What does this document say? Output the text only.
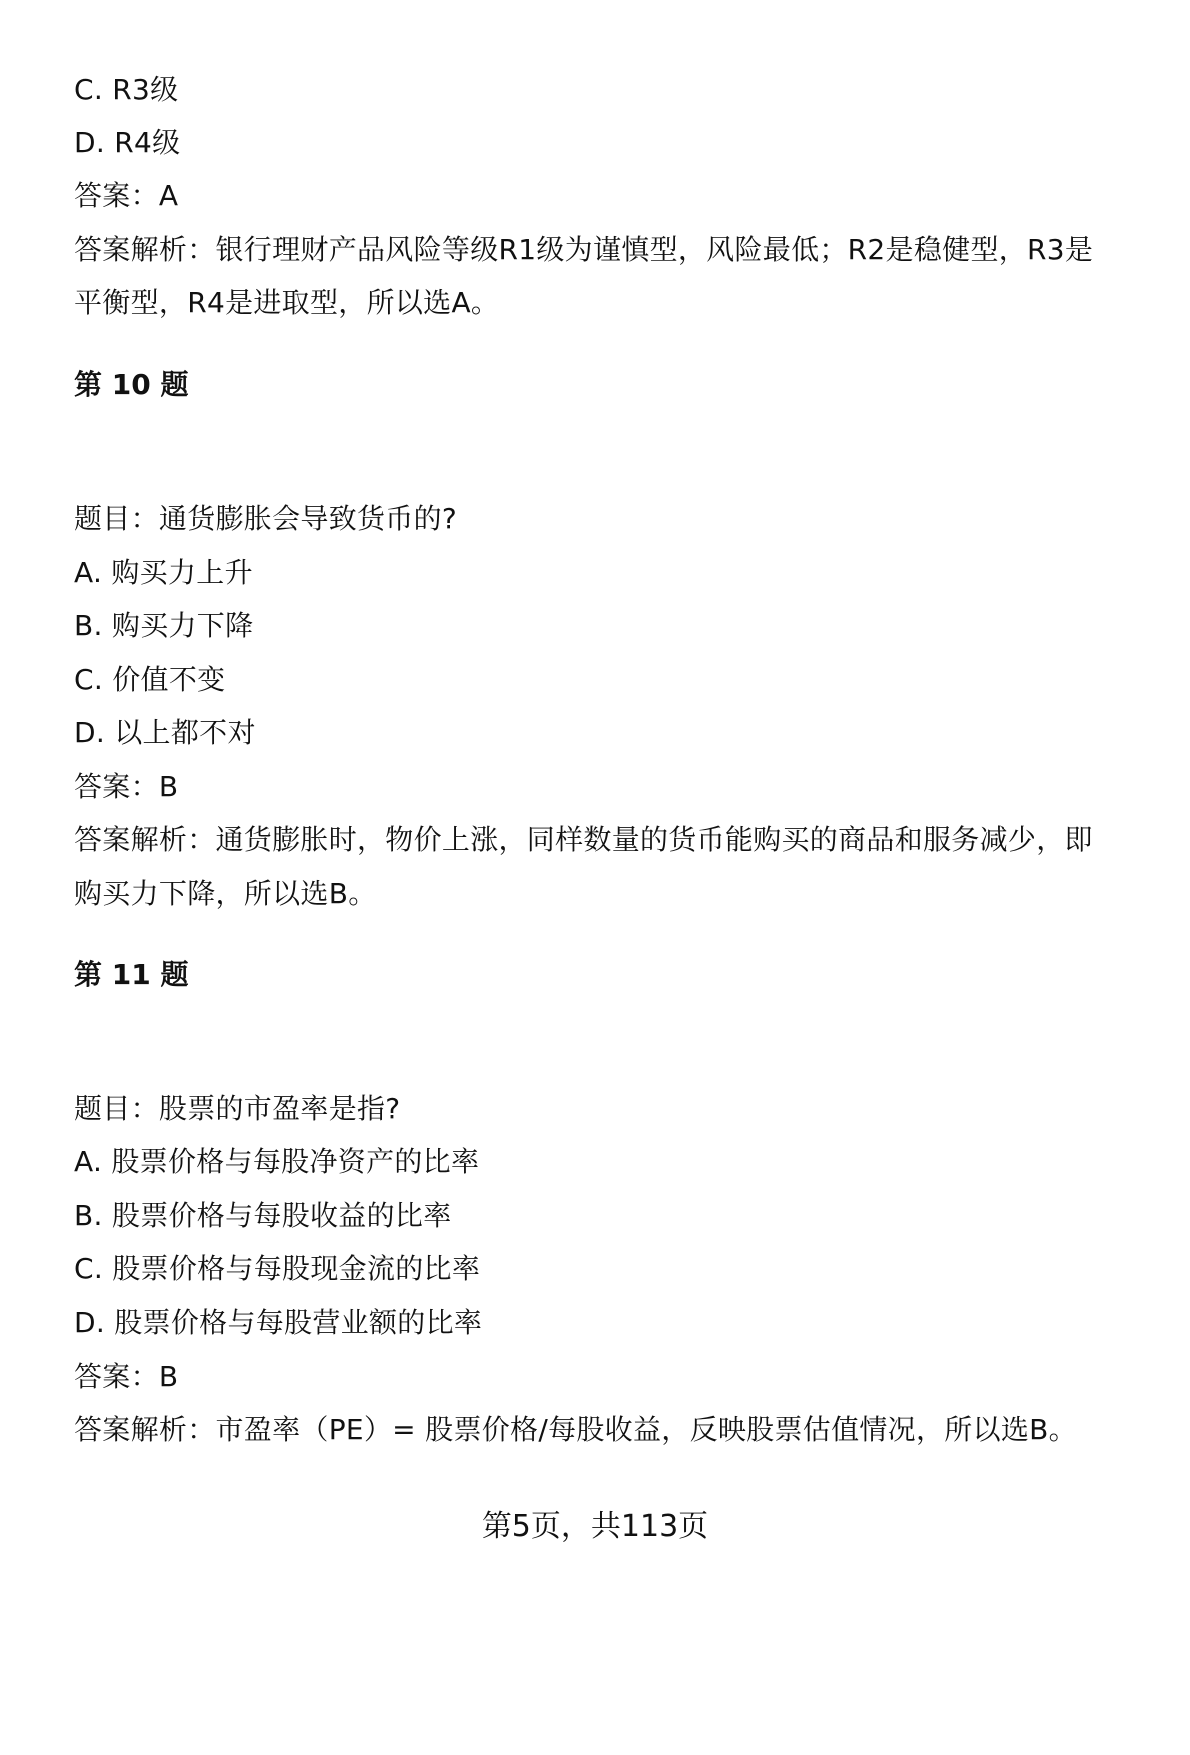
C. R3级
D. R4级
答案：A
答案解析：银行理财产品风险等级R1级为谨慎型，风险最低；R2是稳健型，R3是
平衡型，R4是进取型，所以选A。
第 10 题
题目：通货膨胀会导致货币的?
A. 购买力上升
B. 购买力下降
C. 价值不变
D. 以上都不对
答案：B
答案解析：通货膨胀时，物价上涨，同样数量的货币能购买的商品和服务减少，即
购买力下降，所以选B。
第 11 题
题目：股票的市盈率是指?
A. 股票价格与每股净资产的比率
B. 股票价格与每股收益的比率
C. 股票价格与每股现金流的比率
D. 股票价格与每股营业额的比率
答案：B
答案解析：市盈率（PE）= 股票价格/每股收益，反映股票估值情况，所以选B。
第5页，共113页
